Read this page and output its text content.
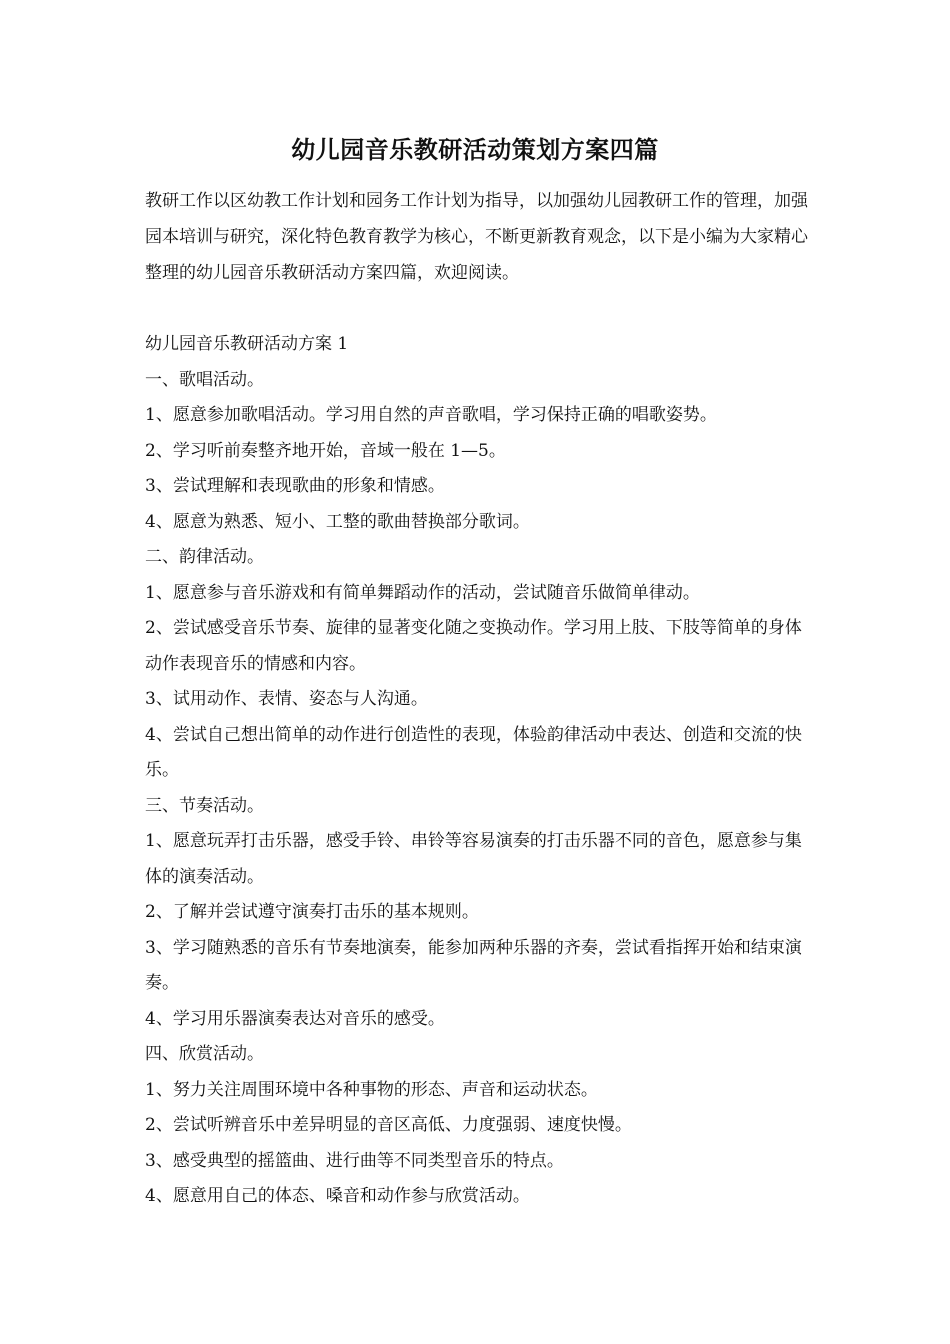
幼儿园音乐教研活动策划方案四篇

教研工作以区幼教工作计划和园务工作计划为指导，以加强幼儿园教研工作的管理，加强园本培训与研究，深化特色教育教学为核心，不断更新教育观念，以下是小编为大家精心整理的幼儿园音乐教研活动方案四篇，欢迎阅读。

幼儿园音乐教研活动方案 1

一、歌唱活动。

1、愿意参加歌唱活动。学习用自然的声音歌唱，学习保持正确的唱歌姿势。

2、学习听前奏整齐地开始，音域一般在 1—5。

3、尝试理解和表现歌曲的形象和情感。

4、愿意为熟悉、短小、工整的歌曲替换部分歌词。

二、韵律活动。

1、愿意参与音乐游戏和有简单舞蹈动作的活动，尝试随音乐做简单律动。

2、尝试感受音乐节奏、旋律的显著变化随之变换动作。学习用上肢、下肢等简单的身体动作表现音乐的情感和内容。

3、试用动作、表情、姿态与人沟通。

4、尝试自己想出简单的动作进行创造性的表现，体验韵律活动中表达、创造和交流的快乐。

三、节奏活动。

1、愿意玩弄打击乐器，感受手铃、串铃等容易演奏的打击乐器不同的音色，愿意参与集体的演奏活动。

2、了解并尝试遵守演奏打击乐的基本规则。

3、学习随熟悉的音乐有节奏地演奏，能参加两种乐器的齐奏，尝试看指挥开始和结束演奏。

4、学习用乐器演奏表达对音乐的感受。

四、欣赏活动。

1、努力关注周围环境中各种事物的形态、声音和运动状态。

2、尝试听辨音乐中差异明显的音区高低、力度强弱、速度快慢。

3、感受典型的摇篮曲、进行曲等不同类型音乐的特点。

4、愿意用自己的体态、嗓音和动作参与欣赏活动。
